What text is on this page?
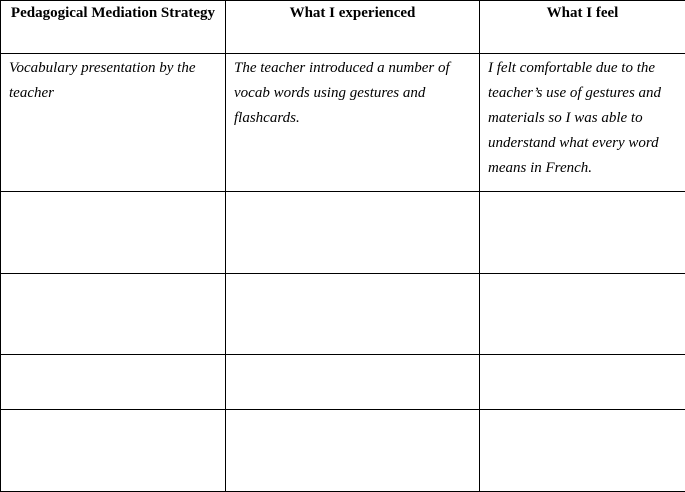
Pedagogical Mediation Strategy	What I experienced	What I feel

Vocabulary presentation by the teacher	The teacher introduced a number of vocab words using gestures and flashcards.	I felt comfortable due to the teacher’s use of gestures and materials so I was able to understand what every word means in French.
